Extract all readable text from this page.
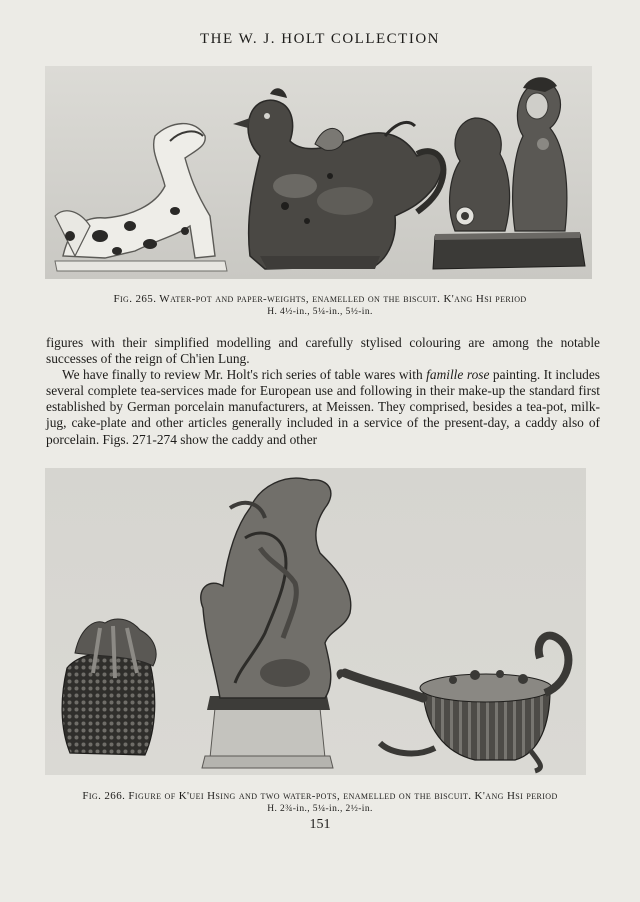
THE W. J. HOLT COLLECTION
Fig. 265. Water-pot and paper-weights, enamelled on the biscuit. K'ang Hsi period
H. 4½-in., 5¼-in., 5½-in.

figures with their simplified modelling and carefully stylised colouring are among the notable successes of the reign of Ch'ien Lung.

We have finally to review Mr. Holt's rich series of table wares with famille rose painting. It includes several complete tea-services made for European use and following in their make-up the standard first established by German porcelain manufacturers, at Meissen. They comprised, besides a tea-pot, milk-jug, cake-plate and other articles generally included in a service of the present-day, a caddy also of porcelain. Figs. 271-274 show the caddy and other

Fig. 266. Figure of K'uei Hsing and two water-pots, enamelled on the biscuit. K'ang Hsi period
H. 2¾-in., 5¼-in., 2½-in.
151
